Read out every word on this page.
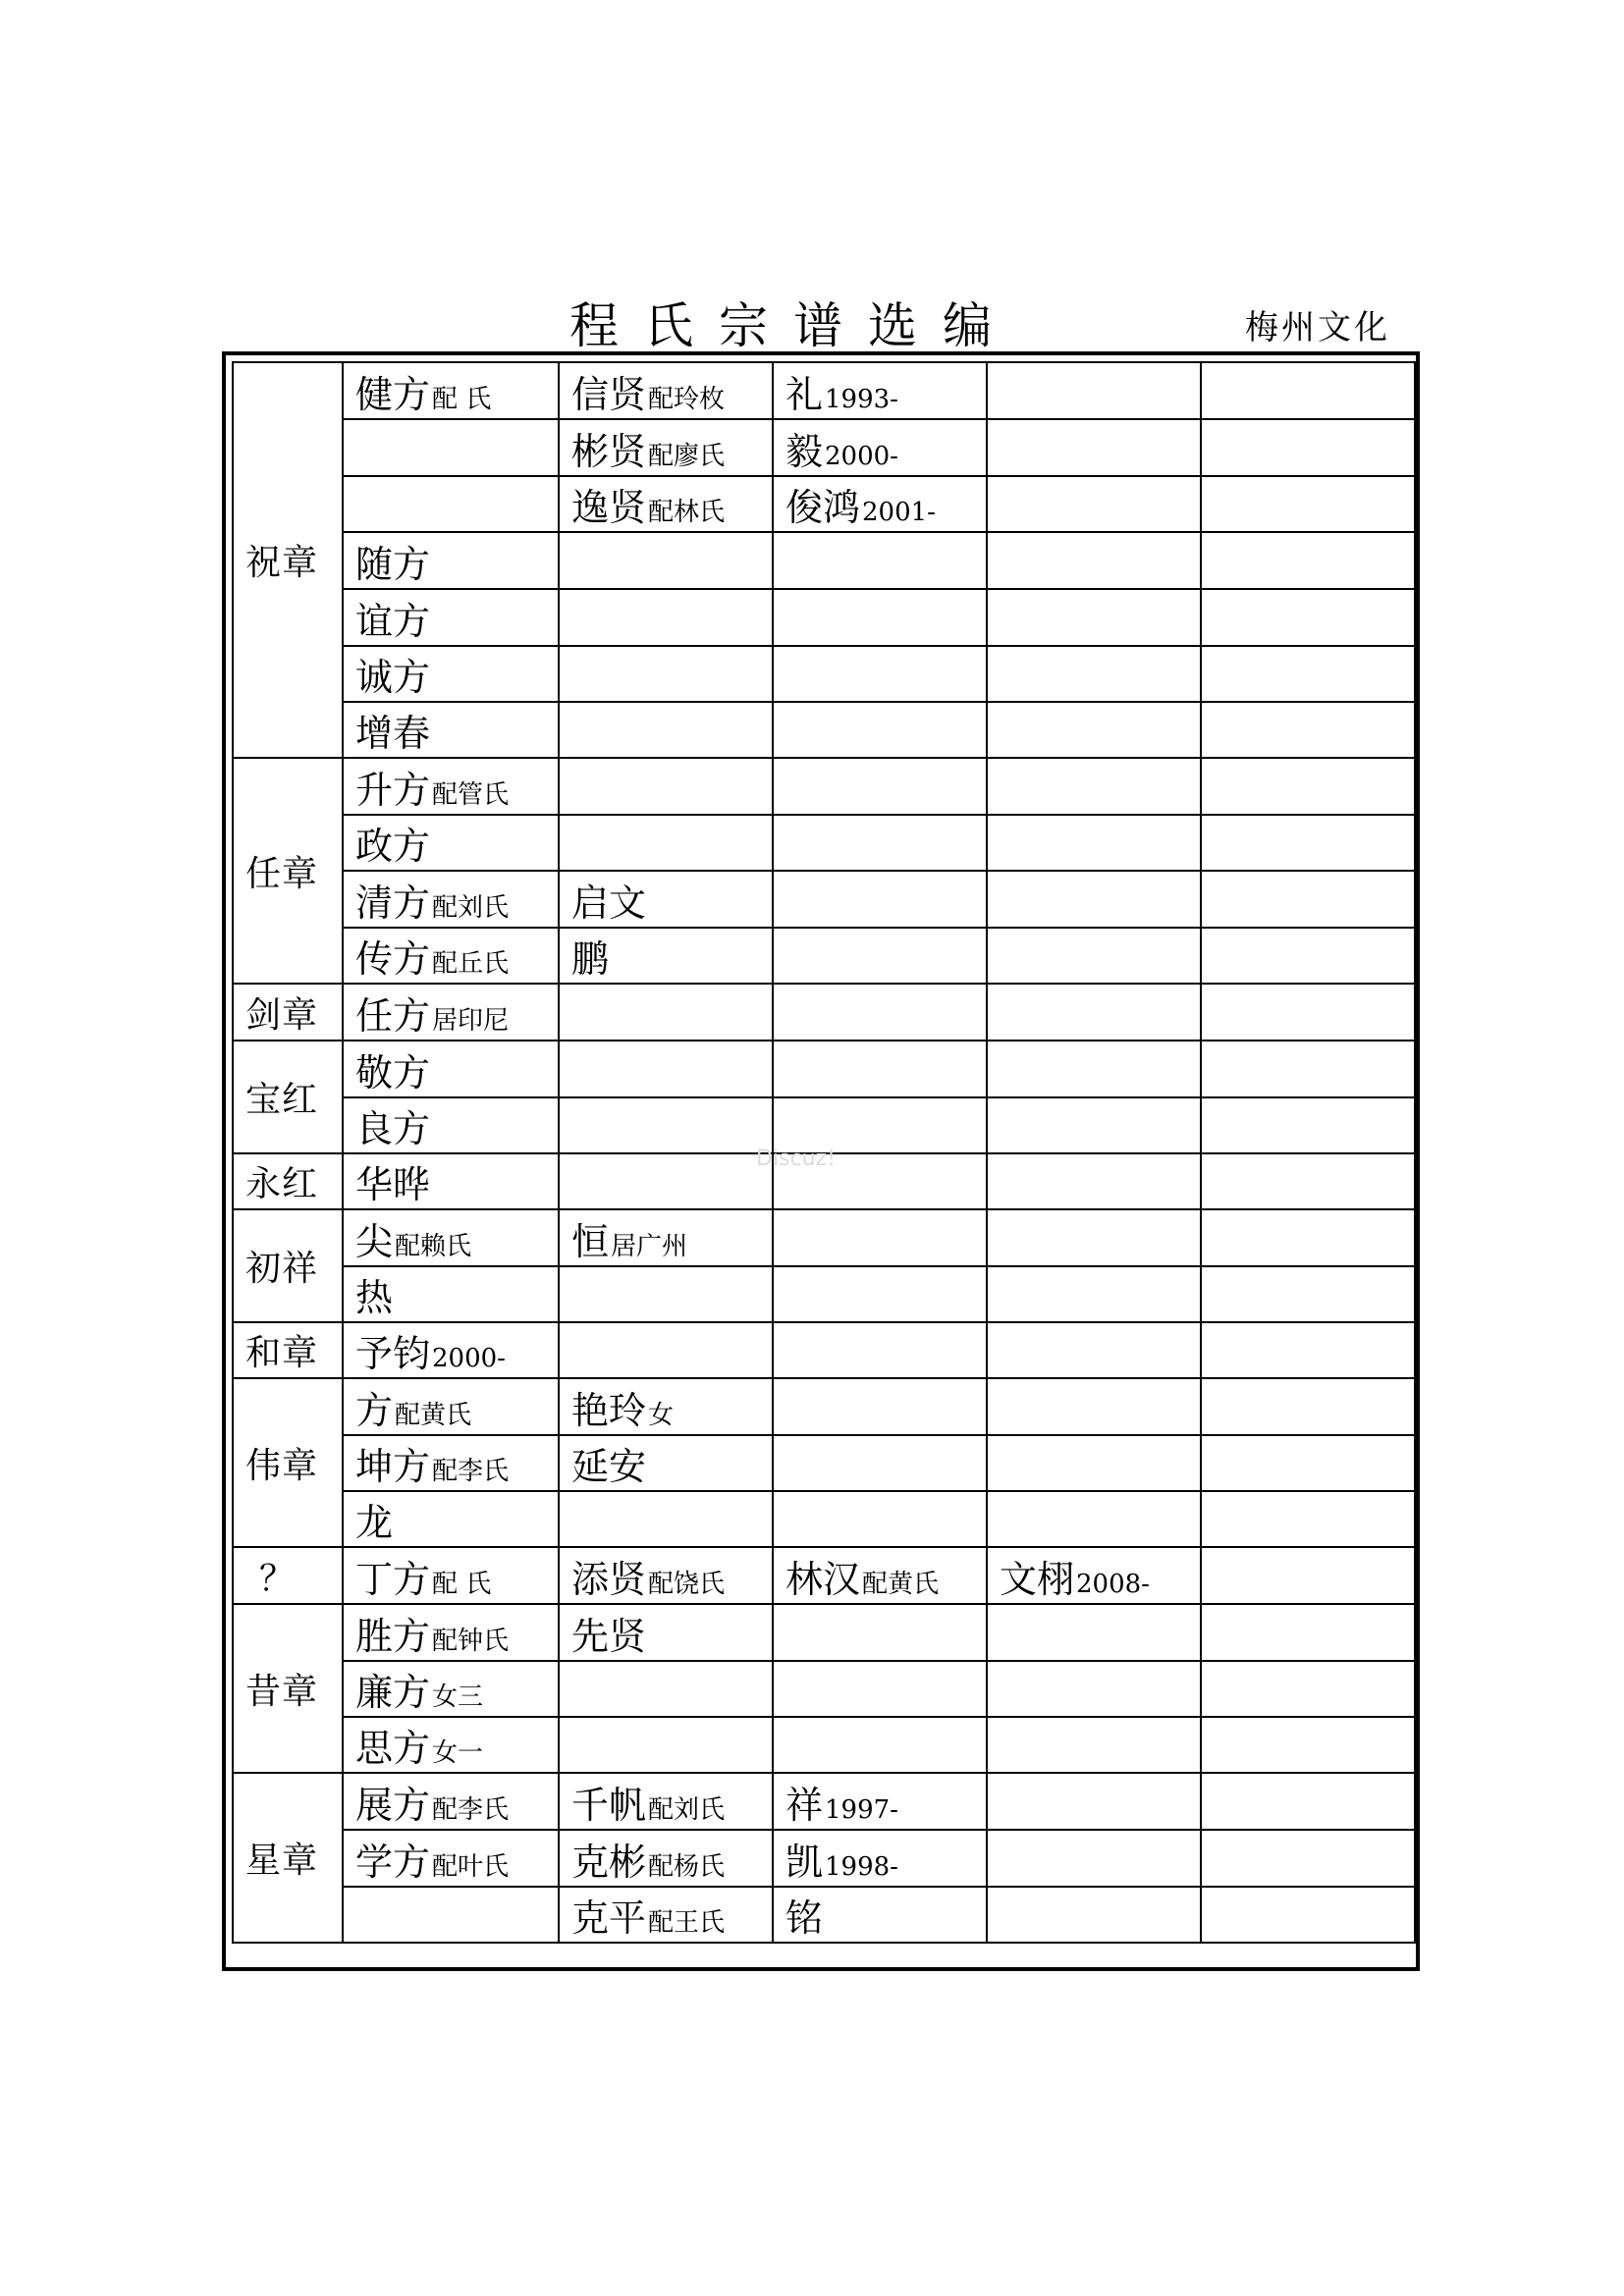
程氏宗谱选编	梅州文化
祝章	健方配 氏	信贤配玲枚	礼1993-		
		彬贤配廖氏	毅2000-		
		逸贤配林氏	俊鸿2001-		
	随方				
	谊方				
	诚方				
	增春				
任章	升方配管氏				
	政方				
	清方配刘氏	启文			
	传方配丘氏	鹏			
剑章	任方居印尼				
宝红	敬方				
	良方				
永红	华晔				
初祥	尖配赖氏	恒居广州			
	热				
和章	予钧2000-				
伟章	方配黄氏	艳玲女			
	坤方配李氏	延安			
	龙				
？	丁方配 氏	添贤配饶氏	林汉配黄氏	文栩2008-	
昔章	胜方配钟氏	先贤			
	廉方女三				
	思方女一				
星章	展方配李氏	千帆配刘氏	祥1997-		
	学方配叶氏	克彬配杨氏	凯1998-		
		克平配王氏	铭		
Discuz!
